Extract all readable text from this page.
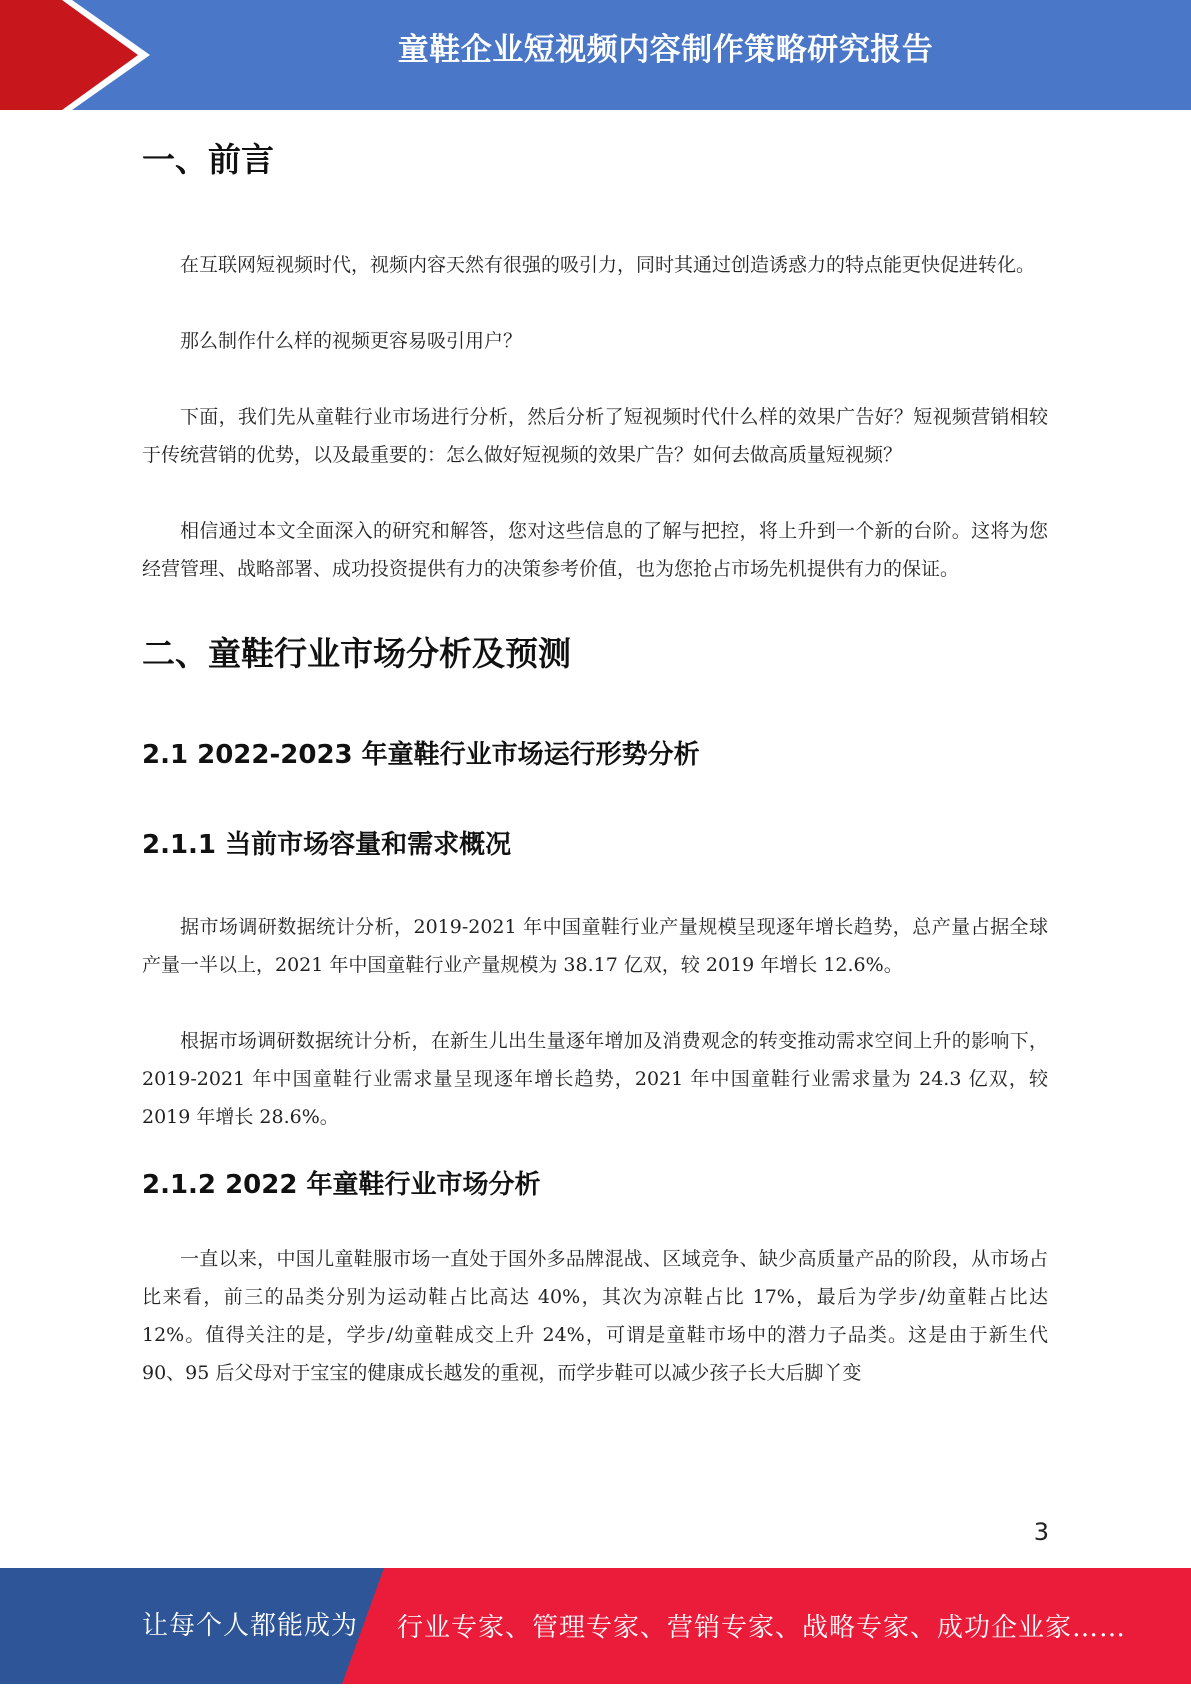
童鞋企业短视频内容制作策略研究报告
一、前言

在互联网短视频时代，视频内容天然有很强的吸引力，同时其通过创造诱惑力的特点能更快促进转化。

那么制作什么样的视频更容易吸引用户？

下面，我们先从童鞋行业市场进行分析，然后分析了短视频时代什么样的效果广告好？短视频营销相较于传统营销的优势，以及最重要的：怎么做好短视频的效果广告？如何去做高质量短视频？

相信通过本文全面深入的研究和解答，您对这些信息的了解与把控，将上升到一个新的台阶。这将为您经营管理、战略部署、成功投资提供有力的决策参考价值，也为您抢占市场先机提供有力的保证。

二、童鞋行业市场分析及预测
2.1 2022-2023 年童鞋行业市场运行形势分析
2.1.1 当前市场容量和需求概况

据市场调研数据统计分析，2019-2021 年中国童鞋行业产量规模呈现逐年增长趋势，总产量占据全球产量一半以上，2021 年中国童鞋行业产量规模为 38.17 亿双，较 2019 年增长 12.6%。

根据市场调研数据统计分析，在新生儿出生量逐年增加及消费观念的转变推动需求空间上升的影响下，2019-2021 年中国童鞋行业需求量呈现逐年增长趋势，2021 年中国童鞋行业需求量为 24.3 亿双，较 2019 年增长 28.6%。

2.1.2 2022 年童鞋行业市场分析

一直以来，中国儿童鞋服市场一直处于国外多品牌混战、区域竞争、缺少高质量产品的阶段，从市场占比来看，前三的品类分别为运动鞋占比高达 40%，其次为凉鞋占比 17%，最后为学步/幼童鞋占比达 12%。值得关注的是，学步/幼童鞋成交上升 24%，可谓是童鞋市场中的潜力子品类。这是由于新生代 90、95 后父母对于宝宝的健康成长越发的重视，而学步鞋可以减少孩子长大后脚丫变

3
让每个人都能成为 行业专家、管理专家、营销专家、战略专家、成功企业家……
